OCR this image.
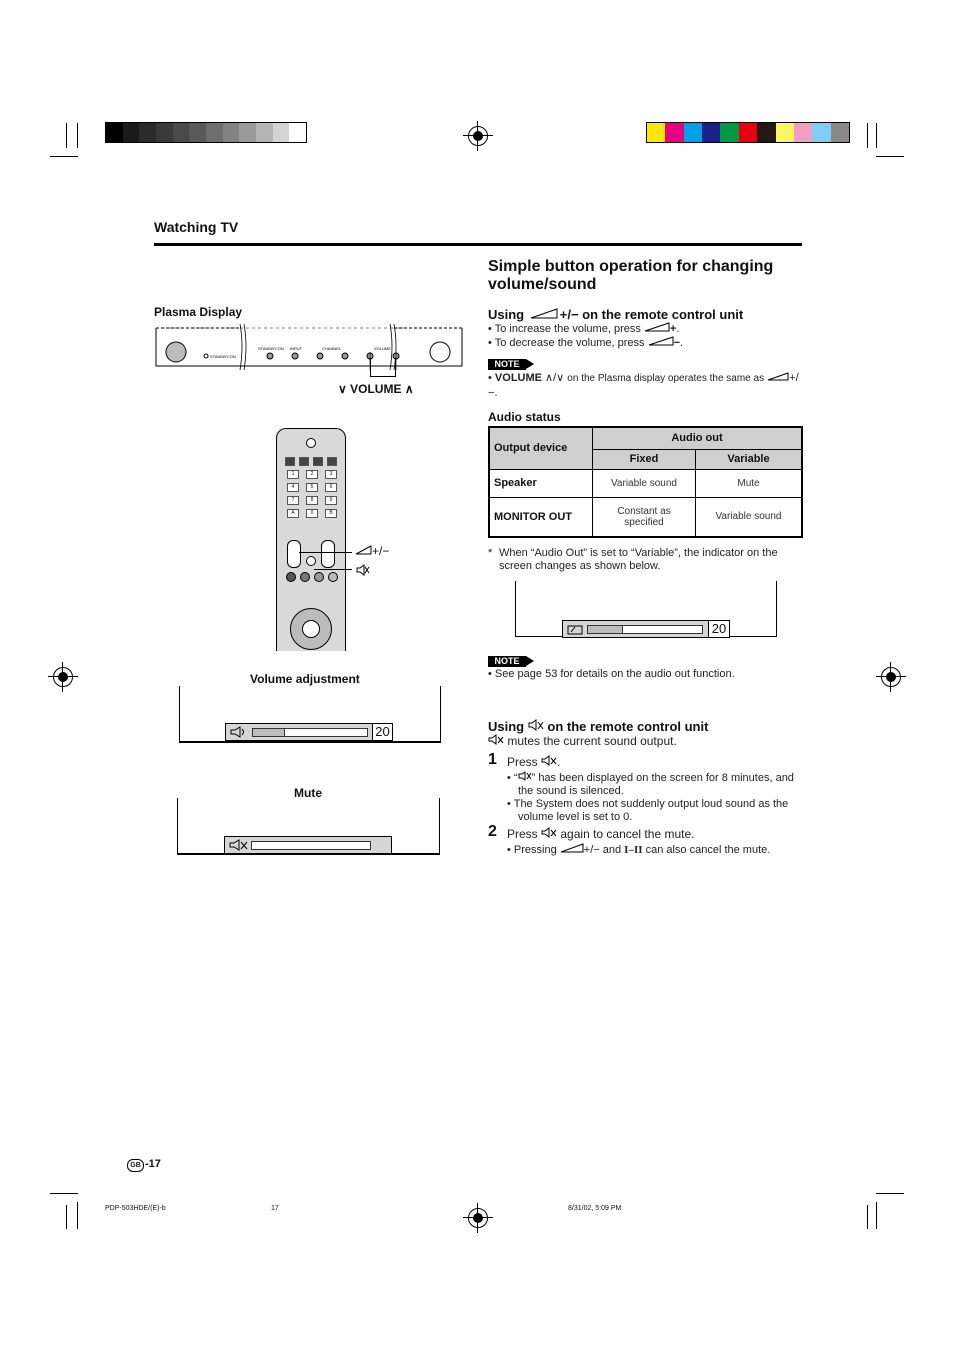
Watching TV
Plasma Display
STANDBY/ON
STANDBY/ON INPUT	CHANNEL	VOLUME
∨ VOLUME ∧
1	2	3
4	5	6
7	8	9
A	0	B
+/−
Volume adjustment
20
Mute
Simple button operation for changing volume/sound
Using	+/− on the remote control unit
• To increase the volume, press	+.
• To decrease the volume, press	−.
NOTE
• VOLUME ∧/∨ on the Plasma display operates the same as +/−.
Audio status
Output device	Audio out	
	Fixed	Variable
Speaker	Variable sound	Mute
MONITOR OUT	Constant as specified	Variable sound
* When “Audio Out” is set to “Variable”, the indicator on the screen changes as shown below.
20
NOTE
• See page 53 for details on the audio out function.
Using on the remote control unit
mutes the current sound output.
1 Press .
• “ ” has been displayed on the screen for 8 minutes, and the sound is silenced.
• The System does not suddenly output loud sound as the volume level is set to 0.
2 Press again to cancel the mute.
• Pressing +/− and I–II can also cancel the mute.
GB -17
PDP-503HDE/(E)-b	17	8/31/02, 5:09 PM
